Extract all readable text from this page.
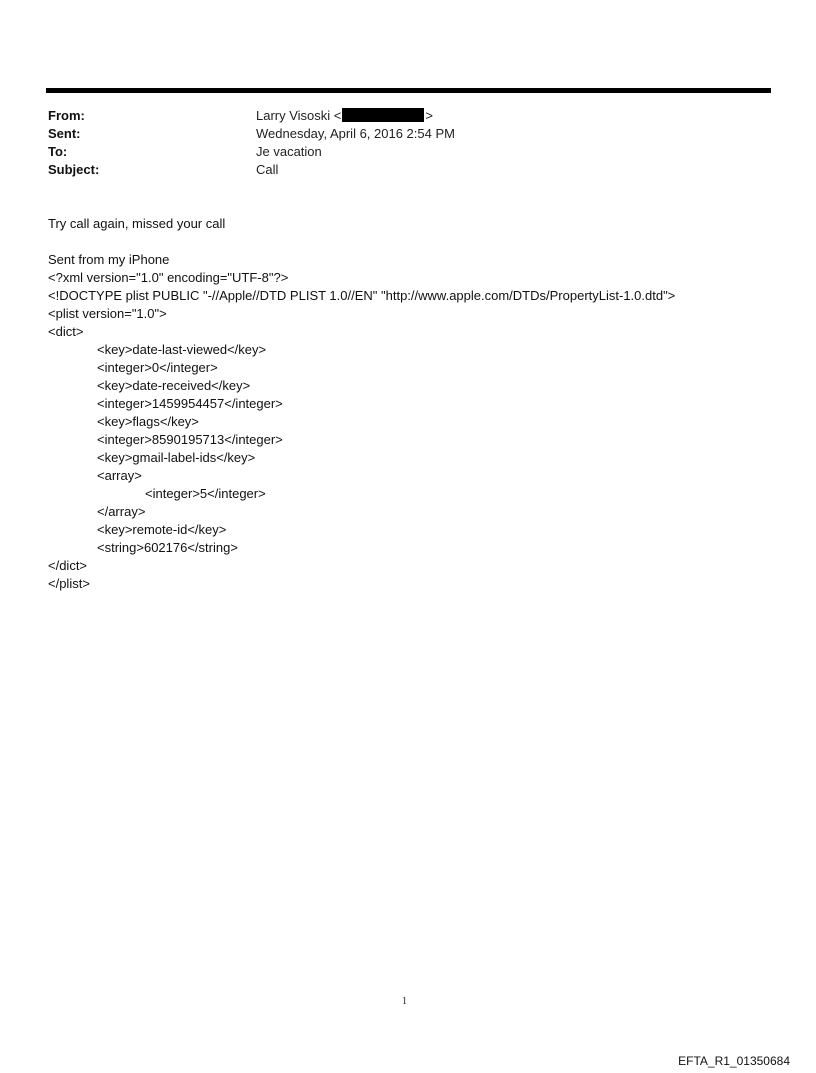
From:	Larry Visoski <	>
Sent:	Wednesday, April 6, 2016 2:54 PM
To:	Je vacation
Subject:	Call
Try call again, missed your call
Sent from my iPhone
<?xml version="1.0" encoding="UTF-8"?>
<!DOCTYPE plist PUBLIC "-//Apple//DTD PLIST 1.0//EN" "http://www.apple.com/DTDs/PropertyList-1.0.dtd">
<plist version="1.0">
<dict>
<key>date-last-viewed</key>
<integer>0</integer>
<key>date-received</key>
<integer>1459954457</integer>
<key>flags</key>
<integer>8590195713</integer>
<key>gmail-label-ids</key>
<array>
<integer>5</integer>
</array>
<key>remote-id</key>
<string>602176</string>
</dict>
</plist>
1
EFTA_R1_01350684
